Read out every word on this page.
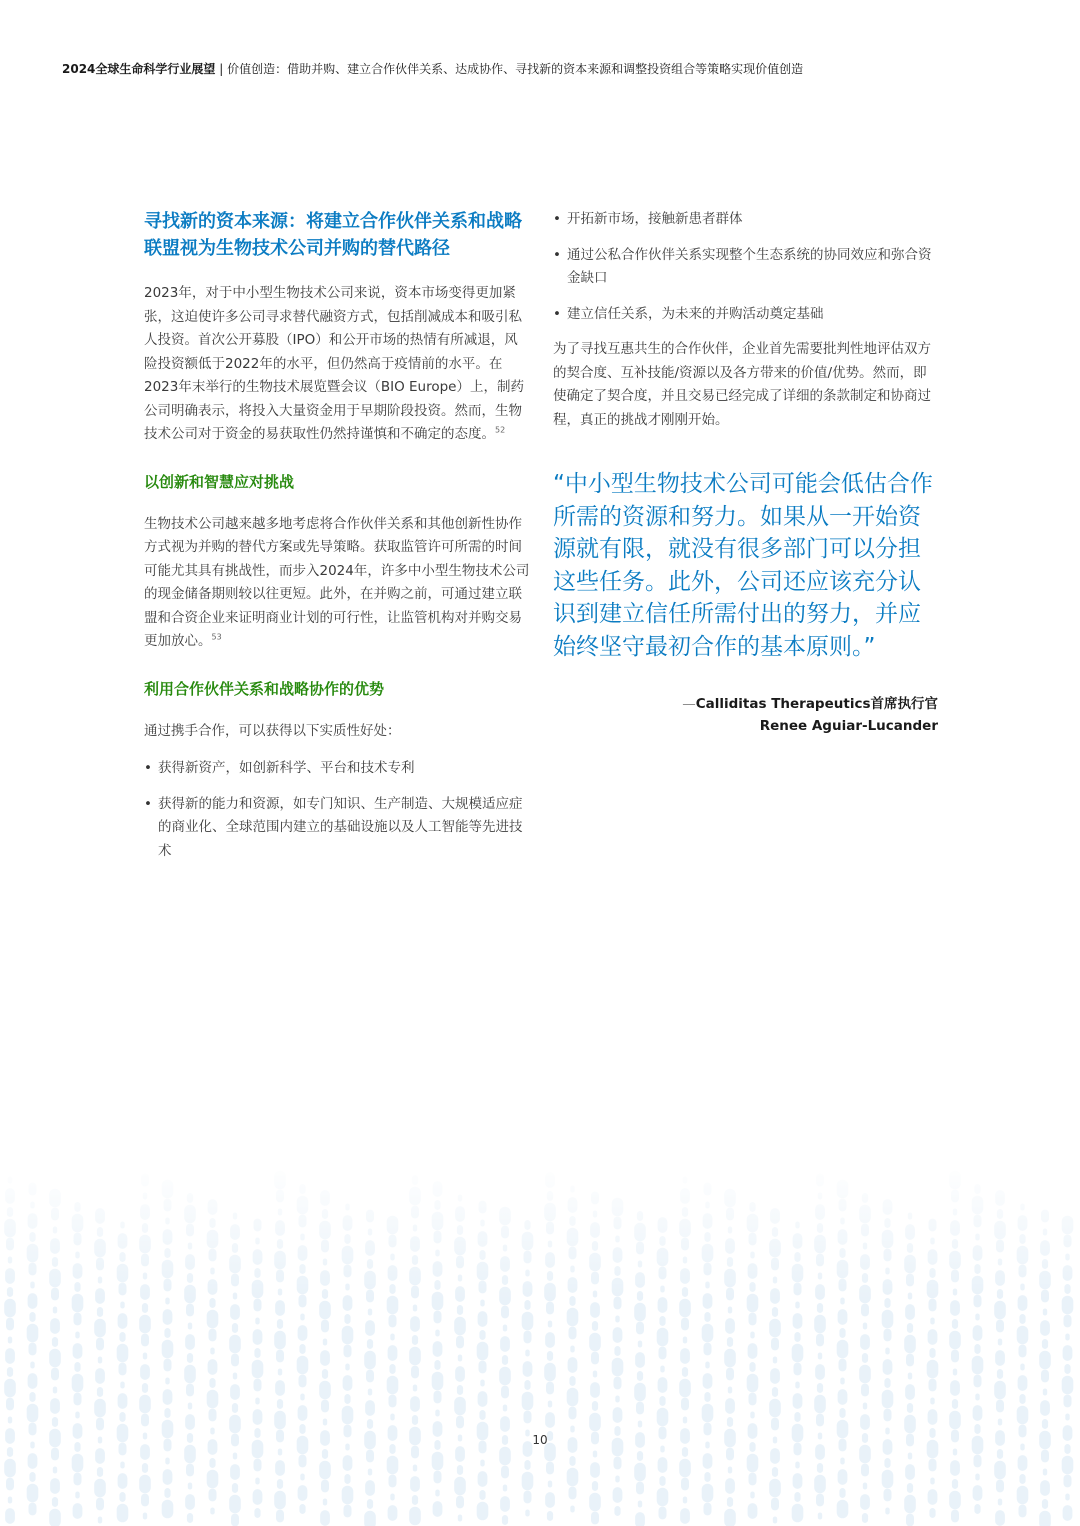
2024全球生命科学行业展望 | 价值创造：借助并购、建立合作伙伴关系、达成协作、寻找新的资本来源和调整投资组合等策略实现价值创造
寻找新的资本来源：将建立合作伙伴关系和战略联盟视为生物技术公司并购的替代路径

2023年，对于中小型生物技术公司来说，资本市场变得更加紧张，这迫使许多公司寻求替代融资方式，包括削减成本和吸引私人投资。首次公开募股（IPO）和公开市场的热情有所减退，风险投资额低于2022年的水平，但仍然高于疫情前的水平。在2023年末举行的生物技术展览暨会议（BIO Europe）上，制药公司明确表示，将投入大量资金用于早期阶段投资。然而，生物技术公司对于资金的易获取性仍然持谨慎和不确定的态度。$^{52}$

以创新和智慧应对挑战

生物技术公司越来越多地考虑将合作伙伴关系和其他创新性协作方式视为并购的替代方案或先导策略。获取监管许可所需的时间可能尤其具有挑战性，而步入2024年，许多中小型生物技术公司的现金储备期则较以往更短。此外，在并购之前，可通过建立联盟和合资企业来证明商业计划的可行性，让监管机构对并购交易更加放心。$^{53}$

利用合作伙伴关系和战略协作的优势

通过携手合作，可以获得以下实质性好处：

• 获得新资产，如创新科学、平台和技术专利
• 获得新的能力和资源，如专门知识、生产制造、大规模适应症的商业化、全球范围内建立的基础设施以及人工智能等先进技术
• 开拓新市场，接触新患者群体
• 通过公私合作伙伴关系实现整个生态系统的协同效应和弥合资金缺口
• 建立信任关系，为未来的并购活动奠定基础

为了寻找互惠共生的合作伙伴，企业首先需要批判性地评估双方的契合度、互补技能/资源以及各方带来的价值/优势。然而，即使确定了契合度，并且交易已经完成了详细的条款制定和协商过程，真正的挑战才刚刚开始。

“中小型生物技术公司可能会低估合作所需的资源和努力。如果从一开始资源就有限，就没有很多部门可以分担这些任务。此外，公司还应该充分认识到建立信任所需付出的努力，并应始终坚守最初合作的基本原则。”
—Calliditas Therapeutics首席执行官
Renee Aguiar-Lucander
10
